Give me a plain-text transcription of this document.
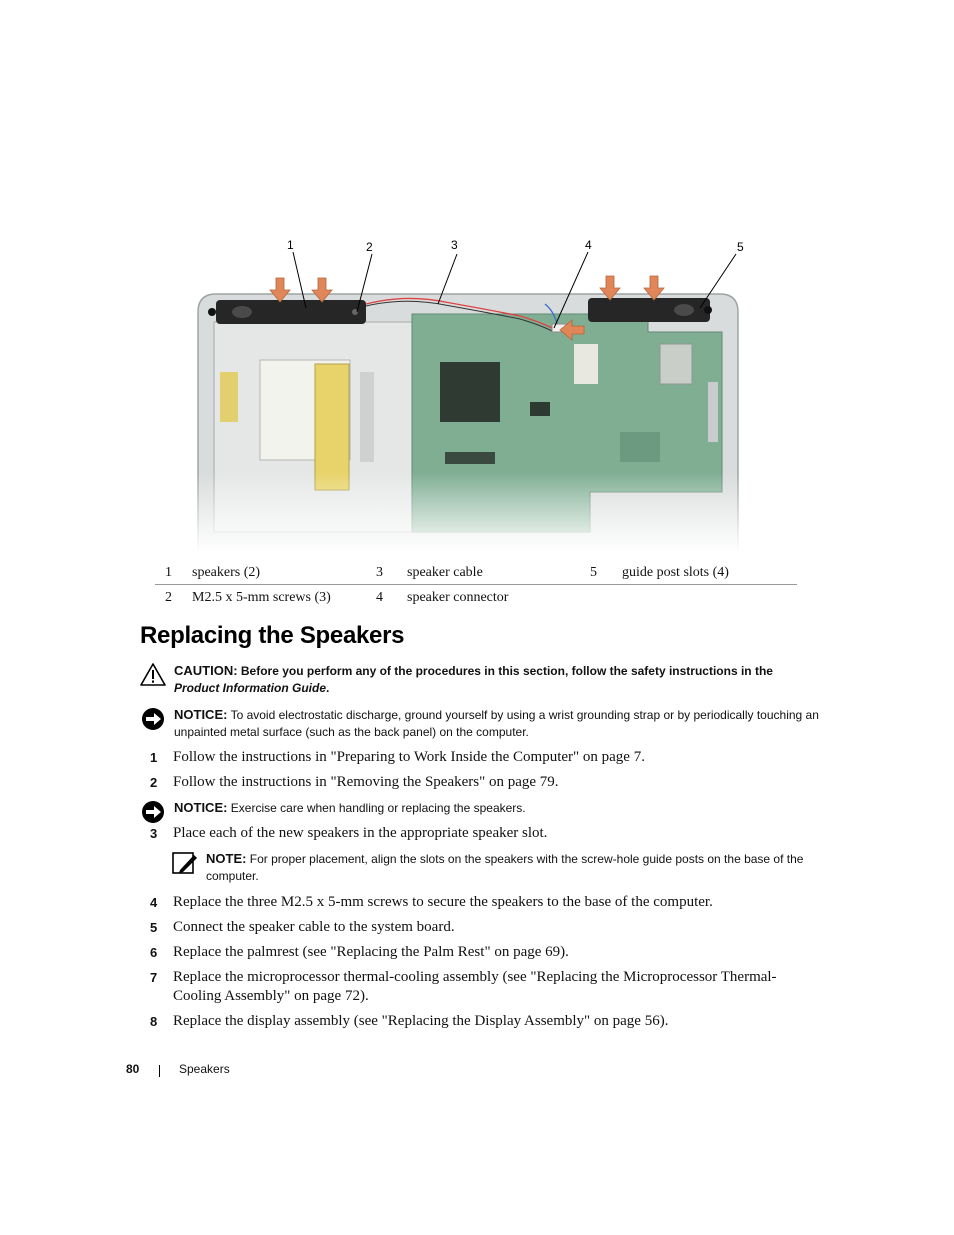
1	2	3	4	5
1 speakers (2)	3 speaker cable	5 guide post slots (4)
2 M2.5 x 5-mm screws (3)	4 speaker connector
Replacing the Speakers
CAUTION: Before you perform any of the procedures in this section, follow the safety instructions in the Product Information Guide.
NOTICE: To avoid electrostatic discharge, ground yourself by using a wrist grounding strap or by periodically touching an unpainted metal surface (such as the back panel) on the computer.
1 Follow the instructions in "Preparing to Work Inside the Computer" on page 7.
2 Follow the instructions in "Removing the Speakers" on page 79.
NOTICE: Exercise care when handling or replacing the speakers.
3 Place each of the new speakers in the appropriate speaker slot.
NOTE: For proper placement, align the slots on the speakers with the screw-hole guide posts on the base of the computer.
4 Replace the three M2.5 x 5-mm screws to secure the speakers to the base of the computer.
5 Connect the speaker cable to the system board.
6 Replace the palmrest (see "Replacing the Palm Rest" on page 69).
7 Replace the microprocessor thermal-cooling assembly (see "Replacing the Microprocessor Thermal-Cooling Assembly" on page 72).
8 Replace the display assembly (see "Replacing the Display Assembly" on page 56).
80	Speakers
